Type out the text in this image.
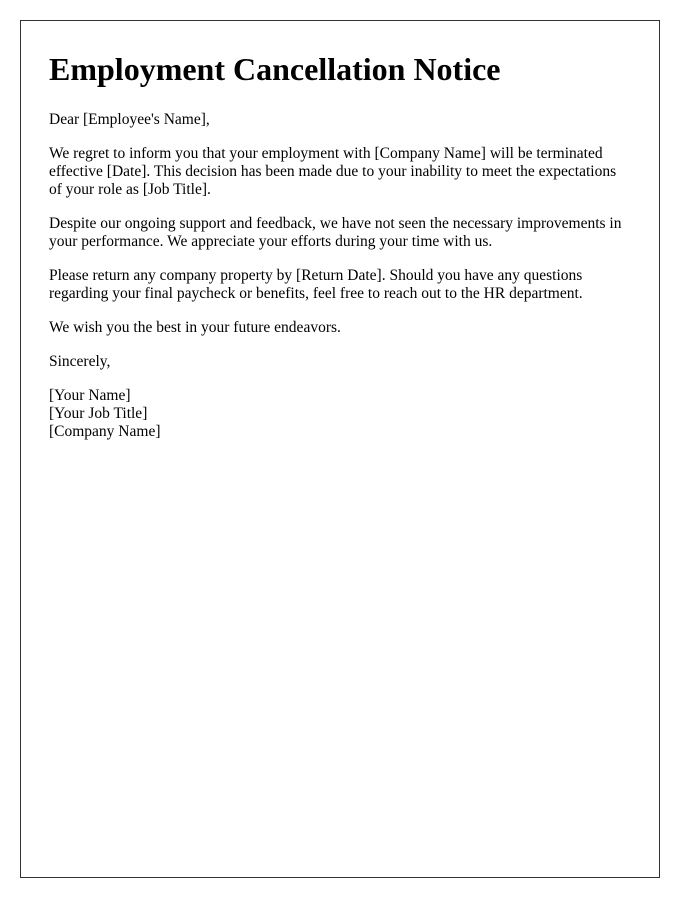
Employment Cancellation Notice

Dear [Employee's Name],

We regret to inform you that your employment with [Company Name] will be terminated effective [Date]. This decision has been made due to your inability to meet the expectations of your role as [Job Title].

Despite our ongoing support and feedback, we have not seen the necessary improvements in your performance. We appreciate your efforts during your time with us.

Please return any company property by [Return Date]. Should you have any questions regarding your final paycheck or benefits, feel free to reach out to the HR department.

We wish you the best in your future endeavors.

Sincerely,

[Your Name]
[Your Job Title]
[Company Name]
